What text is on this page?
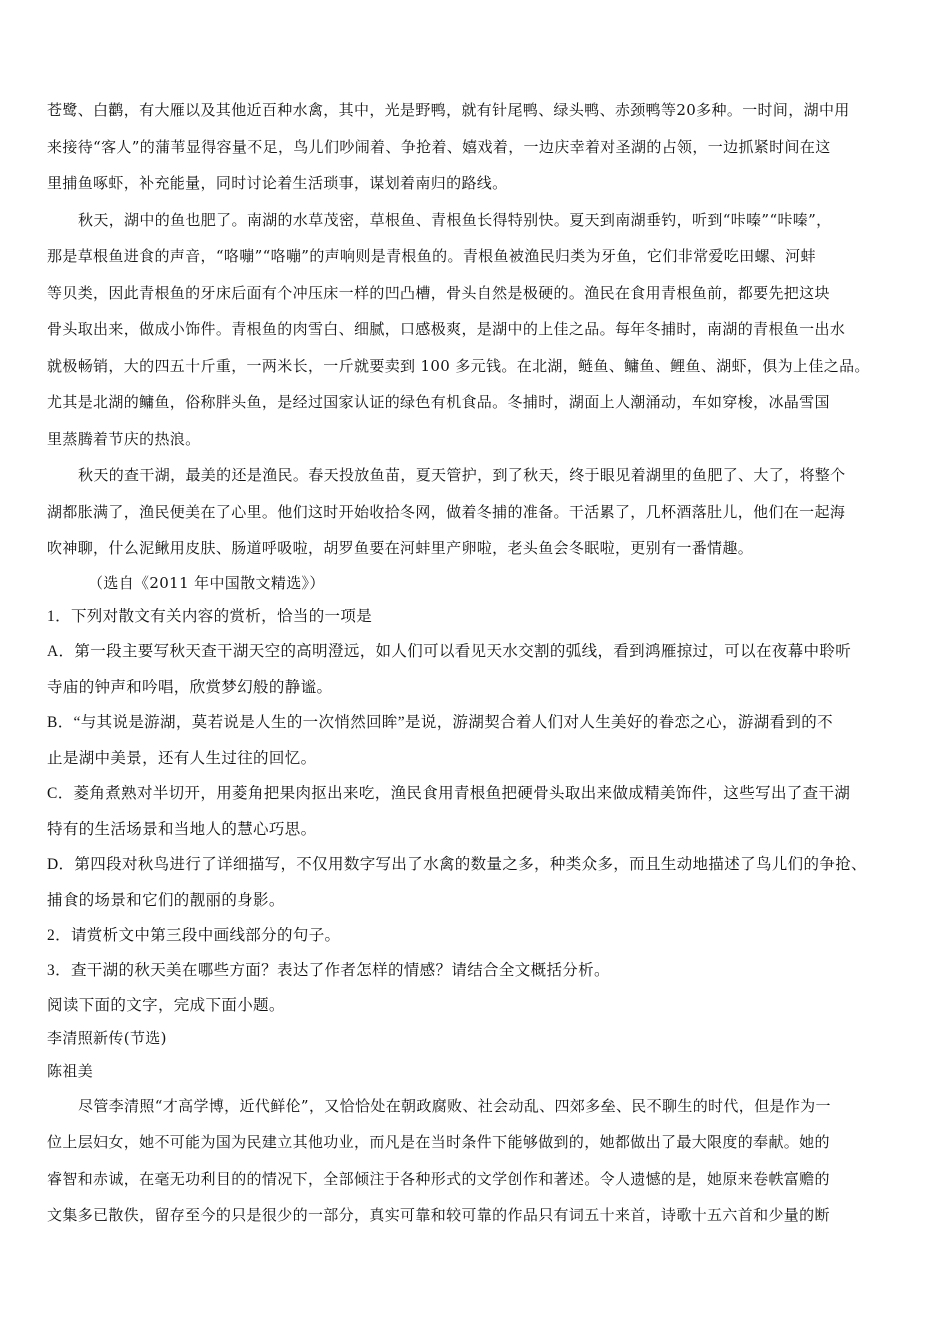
苍鹭、白鹳，有大雁以及其他近百种水禽，其中，光是野鸭，就有针尾鸭、绿头鸭、赤颈鸭等20多种。一时间，湖中用
来接待“客人”的蒲苇显得容量不足，鸟儿们吵闹着、争抢着、嬉戏着，一边庆幸着对圣湖的占领，一边抓紧时间在这
里捕鱼啄虾，补充能量，同时讨论着生活琐事，谋划着南归的路线。
秋天，湖中的鱼也肥了。南湖的水草茂密，草根鱼、青根鱼长得特别快。夏天到南湖垂钓，听到“咔嗪”“咔嗪”，
那是草根鱼进食的声音，“咯嘣”“咯嘣”的声响则是青根鱼的。青根鱼被渔民归类为牙鱼，它们非常爱吃田螺、河蚌
等贝类，因此青根鱼的牙床后面有个冲压床一样的凹凸槽，骨头自然是极硬的。渔民在食用青根鱼前，都要先把这块
骨头取出来，做成小饰件。青根鱼的肉雪白、细腻，口感极爽，是湖中的上佳之品。每年冬捕时，南湖的青根鱼一出水
就极畅销，大的四五十斤重，一两米长，一斤就要卖到 100 多元钱。在北湖，鲢鱼、鳙鱼、鲤鱼、湖虾，俱为上佳之品。
尤其是北湖的鳙鱼，俗称胖头鱼，是经过国家认证的绿色有机食品。冬捕时，湖面上人潮涌动，车如穿梭，冰晶雪国
里蒸腾着节庆的热浪。
秋天的查干湖，最美的还是渔民。春天投放鱼苗，夏天管护，到了秋天，终于眼见着湖里的鱼肥了、大了，将整个
湖都胀满了，渔民便美在了心里。他们这时开始收拾冬网，做着冬捕的准备。干活累了，几杯酒落肚儿，他们在一起海
吹神聊，什么泥鳅用皮肤、肠道呼吸啦，胡罗鱼要在河蚌里产卵啦，老头鱼会冬眠啦，更别有一番情趣。
（选自《2011 年中国散文精选》）
1．下列对散文有关内容的赏析，恰当的一项是
A．第一段主要写秋天查干湖天空的高明澄远，如人们可以看见天水交割的弧线，看到鸿雁掠过，可以在夜幕中聆听
寺庙的钟声和吟唱，欣赏梦幻般的静谧。
B．“与其说是游湖，莫若说是人生的一次悄然回眸”是说，游湖契合着人们对人生美好的眷恋之心，游湖看到的不
止是湖中美景，还有人生过往的回忆。
C．菱角煮熟对半切开，用菱角把果肉抠出来吃，渔民食用青根鱼把硬骨头取出来做成精美饰件，这些写出了查干湖
特有的生活场景和当地人的慧心巧思。
D．第四段对秋鸟进行了详细描写，不仅用数字写出了水禽的数量之多，种类众多，而且生动地描述了鸟儿们的争抢、
捕食的场景和它们的靓丽的身影。
2．请赏析文中第三段中画线部分的句子。
3．查干湖的秋天美在哪些方面？表达了作者怎样的情感？请结合全文概括分析。
阅读下面的文字，完成下面小题。
李清照新传(节选)
陈祖美
尽管李清照“才高学博，近代鲜伦”，又恰恰处在朝政腐败、社会动乱、四郊多垒、民不聊生的时代，但是作为一
位上层妇女，她不可能为国为民建立其他功业，而凡是在当时条件下能够做到的，她都做出了最大限度的奉献。她的
睿智和赤诚，在毫无功利目的的情况下，全部倾注于各种形式的文学创作和著述。令人遗憾的是，她原来卷帙富赡的
文集多已散佚，留存至今的只是很少的一部分，真实可靠和较可靠的作品只有词五十来首，诗歌十五六首和少量的断
